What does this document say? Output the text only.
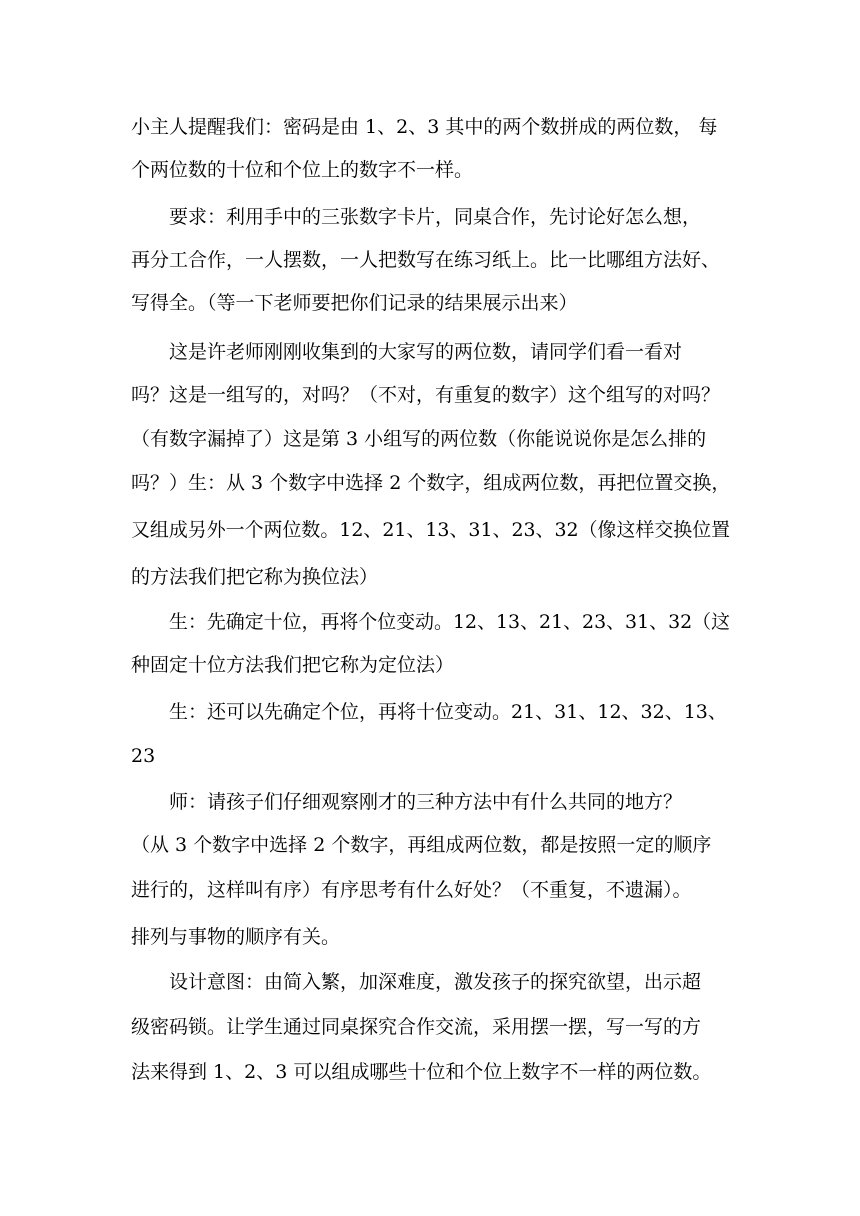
小主人提醒我们：密码是由 1、2、3 其中的两个数拼成的两位数， 每
个两位数的十位和个位上的数字不一样。
要求：利用手中的三张数字卡片，同桌合作，先讨论好怎么想，
再分工合作，一人摆数，一人把数写在练习纸上。比一比哪组方法好、
写得全。（等一下老师要把你们记录的结果展示出来）
这是许老师刚刚收集到的大家写的两位数，请同学们看一看对
吗？这是一组写的，对吗？（不对，有重复的数字）这个组写的对吗？
（有数字漏掉了）这是第 3 小组写的两位数（你能说说你是怎么排的
吗？）生：从 3 个数字中选择 2 个数字，组成两位数，再把位置交换，
又组成另外一个两位数。12、21、13、31、23、32（像这样交换位置
的方法我们把它称为换位法）
生：先确定十位，再将个位变动。12、13、21、23、31、32（这
种固定十位方法我们把它称为定位法）
生：还可以先确定个位，再将十位变动。21、31、12、32、13、
23
师：请孩子们仔细观察刚才的三种方法中有什么共同的地方？
（从 3 个数字中选择 2 个数字，再组成两位数，都是按照一定的顺序
进行的，这样叫有序）有序思考有什么好处？（不重复，不遗漏）。
排列与事物的顺序有关。
设计意图：由简入繁，加深难度，激发孩子的探究欲望，出示超
级密码锁。让学生通过同桌探究合作交流，采用摆一摆，写一写的方
法来得到 1、2、3 可以组成哪些十位和个位上数字不一样的两位数。
